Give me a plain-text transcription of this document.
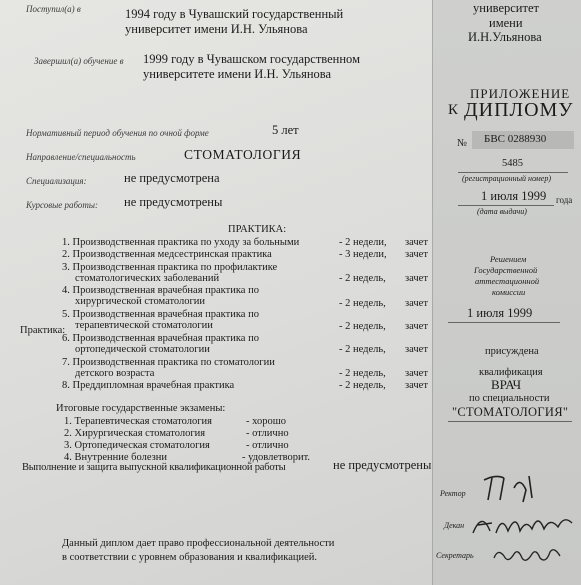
Поступил(а) в	1994 году в Чувашский государственный
университет имени И.Н. Ульянова
Завершил(а) обучение в 1999 году в Чувашском государственном
университете имени И.Н. Ульянова
Нормативный период обучения по очной форме	5 лет
Направление/специальность	СТОМАТОЛОГИЯ
Специализация:	не предусмотрена
Курсовые работы: не предусмотрены
ПРАКТИКА:
Практика:
1. Производственная практика по уходу за больными	- 2 недели, зачет
2. Производственная медсестринская практика	- 3 недели, зачет
3. Производственная практика по профилактике
стоматологических заболеваний	- 2 недель, зачет
4. Производственная врачебная практика по
хирургической стоматологии	- 2 недель, зачет
5. Производственная врачебная практика по
терапевтической стоматологии	- 2 недель, зачет
6. Производственная врачебная практика по
ортопедической стоматологии	- 2 недель, зачет
7. Производственная практика по стоматологии
детского возраста	- 2 недель, зачет
8. Преддипломная врачебная практика	- 2 недель, зачет
Итоговые государственные экзамены:
1. Терапевтическая стоматология	- хорошо
2. Хирургическая стоматология	- отлично
3. Ортопедическая стоматология	- отлично
4. Внутренние болезни	- удовлетворит.
Выполнение и защита выпускной квалификационной работы	не предусмотрены
Данный диплом дает право профессиональной деятельности
в соответствии с уровнем образования и квалификацией.
университет
имени
И.Н.Ульянова
ПРИЛОЖЕНИЕ
К ДИПЛОМУ
№ БВС 0288930
5485
(регистрационный номер)
1 июля 1999 года
(дата выдачи)
Решением
Государственной
аттестационной
комиссии
1 июля 1999
присуждена
квалификация
ВРАЧ
по специальности
"СТОМАТОЛОГИЯ"
Ректор
Декан
Секретарь
